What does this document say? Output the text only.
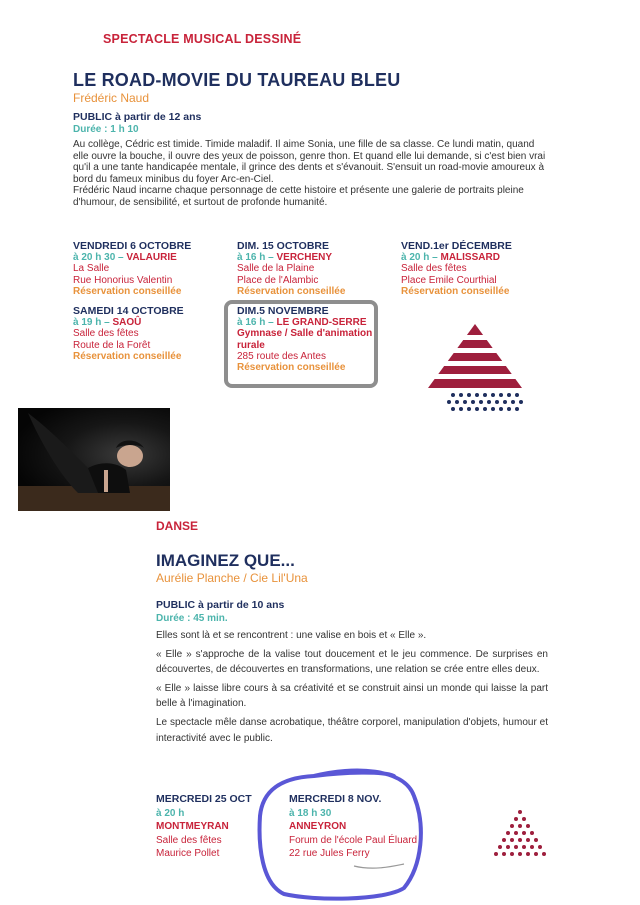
SPECTACLE MUSICAL DESSINÉ
LE ROAD-MOVIE DU TAUREAU BLEU
Frédéric Naud
PUBLIC à partir de 12 ans
Durée : 1 h 10

Au collège, Cédric est timide. Timide maladif. Il aime Sonia, une fille de sa classe. Ce lundi matin, quand elle ouvre la bouche, il ouvre des yeux de poisson, genre thon. Et quand elle lui demande, si c'est bien vrai qu'il a une tante handicapée mentale, il grince des dents et s'évanouit. S'ensuit un road-movie amoureux à bord du fameux minibus du foyer Arc-en-Ciel.

Frédéric Naud incarne chaque personnage de cette histoire et présente une galerie de portraits pleine d'humour, de sensibilité, et surtout de profonde humanité.

VENDREDI 6 OCTOBRE
à 20 h 30 – VALAURIE
La Salle
Rue Honorius Valentin
Réservation conseillée
DIM. 15 OCTOBRE
à 16 h – VERCHENY
Salle de la Plaine
Place de l'Alambic
Réservation conseillée
VEND.1er DÉCEMBRE
à 20 h – MALISSARD
Salle des fêtes
Place Emile Courthial
Réservation conseillée
SAMEDI 14 OCTOBRE
à 19 h – SAOÛ
Salle des fêtes
Route de la Forêt
Réservation conseillée
DIM.5 NOVEMBRE
à 16 h – LE GRAND-SERRE
Gymnase / Salle d'animation rurale
285 route des Antes
Réservation conseillée
DANSE
IMAGINEZ QUE...
Aurélie Planche / Cie Lil'Una
PUBLIC à partir de 10 ans
Durée : 45 min.

Elles sont là et se rencontrent : une valise en bois et « Elle ».

« Elle » s'approche de la valise tout doucement et le jeu commence. De surprises en découvertes, de découvertes en transformations, une relation se crée entre elles deux.

« Elle » laisse libre cours à sa créativité et se construit ainsi un monde qui laisse la part belle à l'imagination.

Le spectacle mêle danse acrobatique, théâtre corporel, manipulation d'objets, humour et interactivité avec le public.

MERCREDI 25 OCT
à 20 h
MONTMEYRAN
Salle des fêtes
Maurice Pollet
MERCREDI 8 NOV.
à 18 h 30
ANNEYRON
Forum de l'école Paul Éluard
22 rue Jules Ferry
